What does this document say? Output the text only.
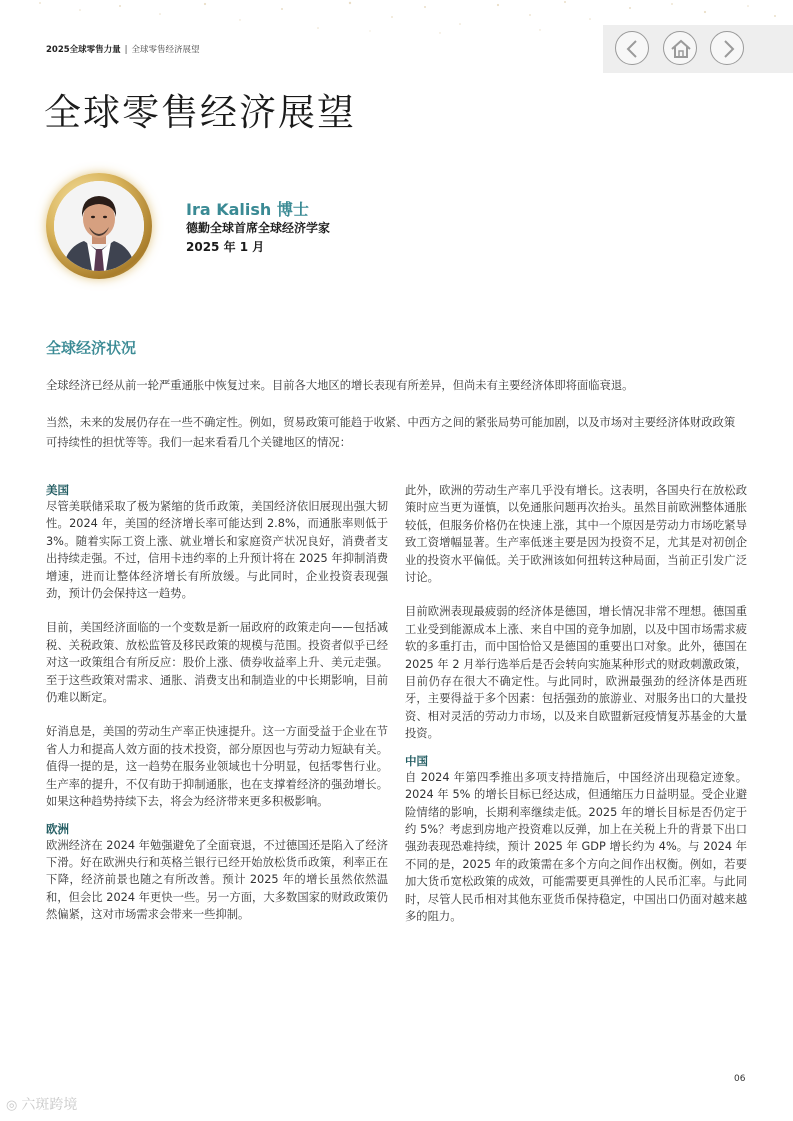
2025全球零售力量 | 全球零售经济展望
全球零售经济展望
Ira Kalish 博士
德勤全球首席全球经济学家
2025 年 1 月
全球经济状况

全球经济已经从前一轮严重通胀中恢复过来。目前各大地区的增长表现有所差异，但尚未有主要经济体即将面临衰退。

当然，未来的发展仍存在一些不确定性。例如，贸易政策可能趋于收紧、中西方之间的紧张局势可能加剧，以及市场对主要经济体财政政策可持续性的担忧等等。我们一起来看看几个关键地区的情况：

美国

尽管美联储采取了极为紧缩的货币政策，美国经济依旧展现出强大韧性。2024 年，美国的经济增长率可能达到 2.8%，而通胀率则低于 3%。随着实际工资上涨、就业增长和家庭资产状况良好，消费者支出持续走强。不过，信用卡违约率的上升预计将在 2025 年抑制消费增速，进而让整体经济增长有所放缓。与此同时，企业投资表现强劲，预计仍会保持这一趋势。

目前，美国经济面临的一个变数是新一届政府的政策走向——包括减税、关税政策、放松监管及移民政策的规模与范围。投资者似乎已经对这一政策组合有所反应：股价上涨、债券收益率上升、美元走强。至于这些政策对需求、通胀、消费支出和制造业的中长期影响，目前仍难以断定。

好消息是，美国的劳动生产率正快速提升。这一方面受益于企业在节省人力和提高人效方面的技术投资，部分原因也与劳动力短缺有关。值得一提的是，这一趋势在服务业领域也十分明显，包括零售行业。生产率的提升，不仅有助于抑制通胀，也在支撑着经济的强劲增长。如果这种趋势持续下去，将会为经济带来更多积极影响。

欧洲

欧洲经济在 2024 年勉强避免了全面衰退，不过德国还是陷入了经济下滑。好在欧洲央行和英格兰银行已经开始放松货币政策，利率正在下降，经济前景也随之有所改善。预计 2025 年的增长虽然依然温和，但会比 2024 年更快一些。另一方面，大多数国家的财政政策仍然偏紧，这对市场需求会带来一些抑制。

此外，欧洲的劳动生产率几乎没有增长。这表明，各国央行在放松政策时应当更为谨慎，以免通胀问题再次抬头。虽然目前欧洲整体通胀较低，但服务价格仍在快速上涨，其中一个原因是劳动力市场吃紧导致工资增幅显著。生产率低迷主要是因为投资不足，尤其是对初创企业的投资水平偏低。关于欧洲该如何扭转这种局面，当前正引发广泛讨论。

目前欧洲表现最疲弱的经济体是德国，增长情况非常不理想。德国重工业受到能源成本上涨、来自中国的竞争加剧，以及中国市场需求疲软的多重打击，而中国恰恰又是德国的重要出口对象。此外，德国在 2025 年 2 月举行选举后是否会转向实施某种形式的财政刺激政策，目前仍存在很大不确定性。与此同时，欧洲最强劲的经济体是西班牙，主要得益于多个因素：包括强劲的旅游业、对服务出口的大量投资、相对灵活的劳动力市场，以及来自欧盟新冠疫情复苏基金的大量投资。

中国

自 2024 年第四季推出多项支持措施后，中国经济出现稳定迹象。2024 年 5% 的增长目标已经达成，但通缩压力日益明显。受企业避险情绪的影响，长期利率继续走低。2025 年的增长目标是否仍定于约 5%？考虑到房地产投资难以反弹，加上在关税上升的背景下出口强劲表现恐难持续，预计 2025 年 GDP 增长约为 4%。与 2024 年不同的是，2025 年的政策需在多个方向之间作出权衡。例如，若要加大货币宽松政策的成效，可能需要更具弹性的人民币汇率。与此同时，尽管人民币相对其他东亚货币保持稳定，中国出口仍面对越来越多的阻力。

06
◎ 六斑跨境
